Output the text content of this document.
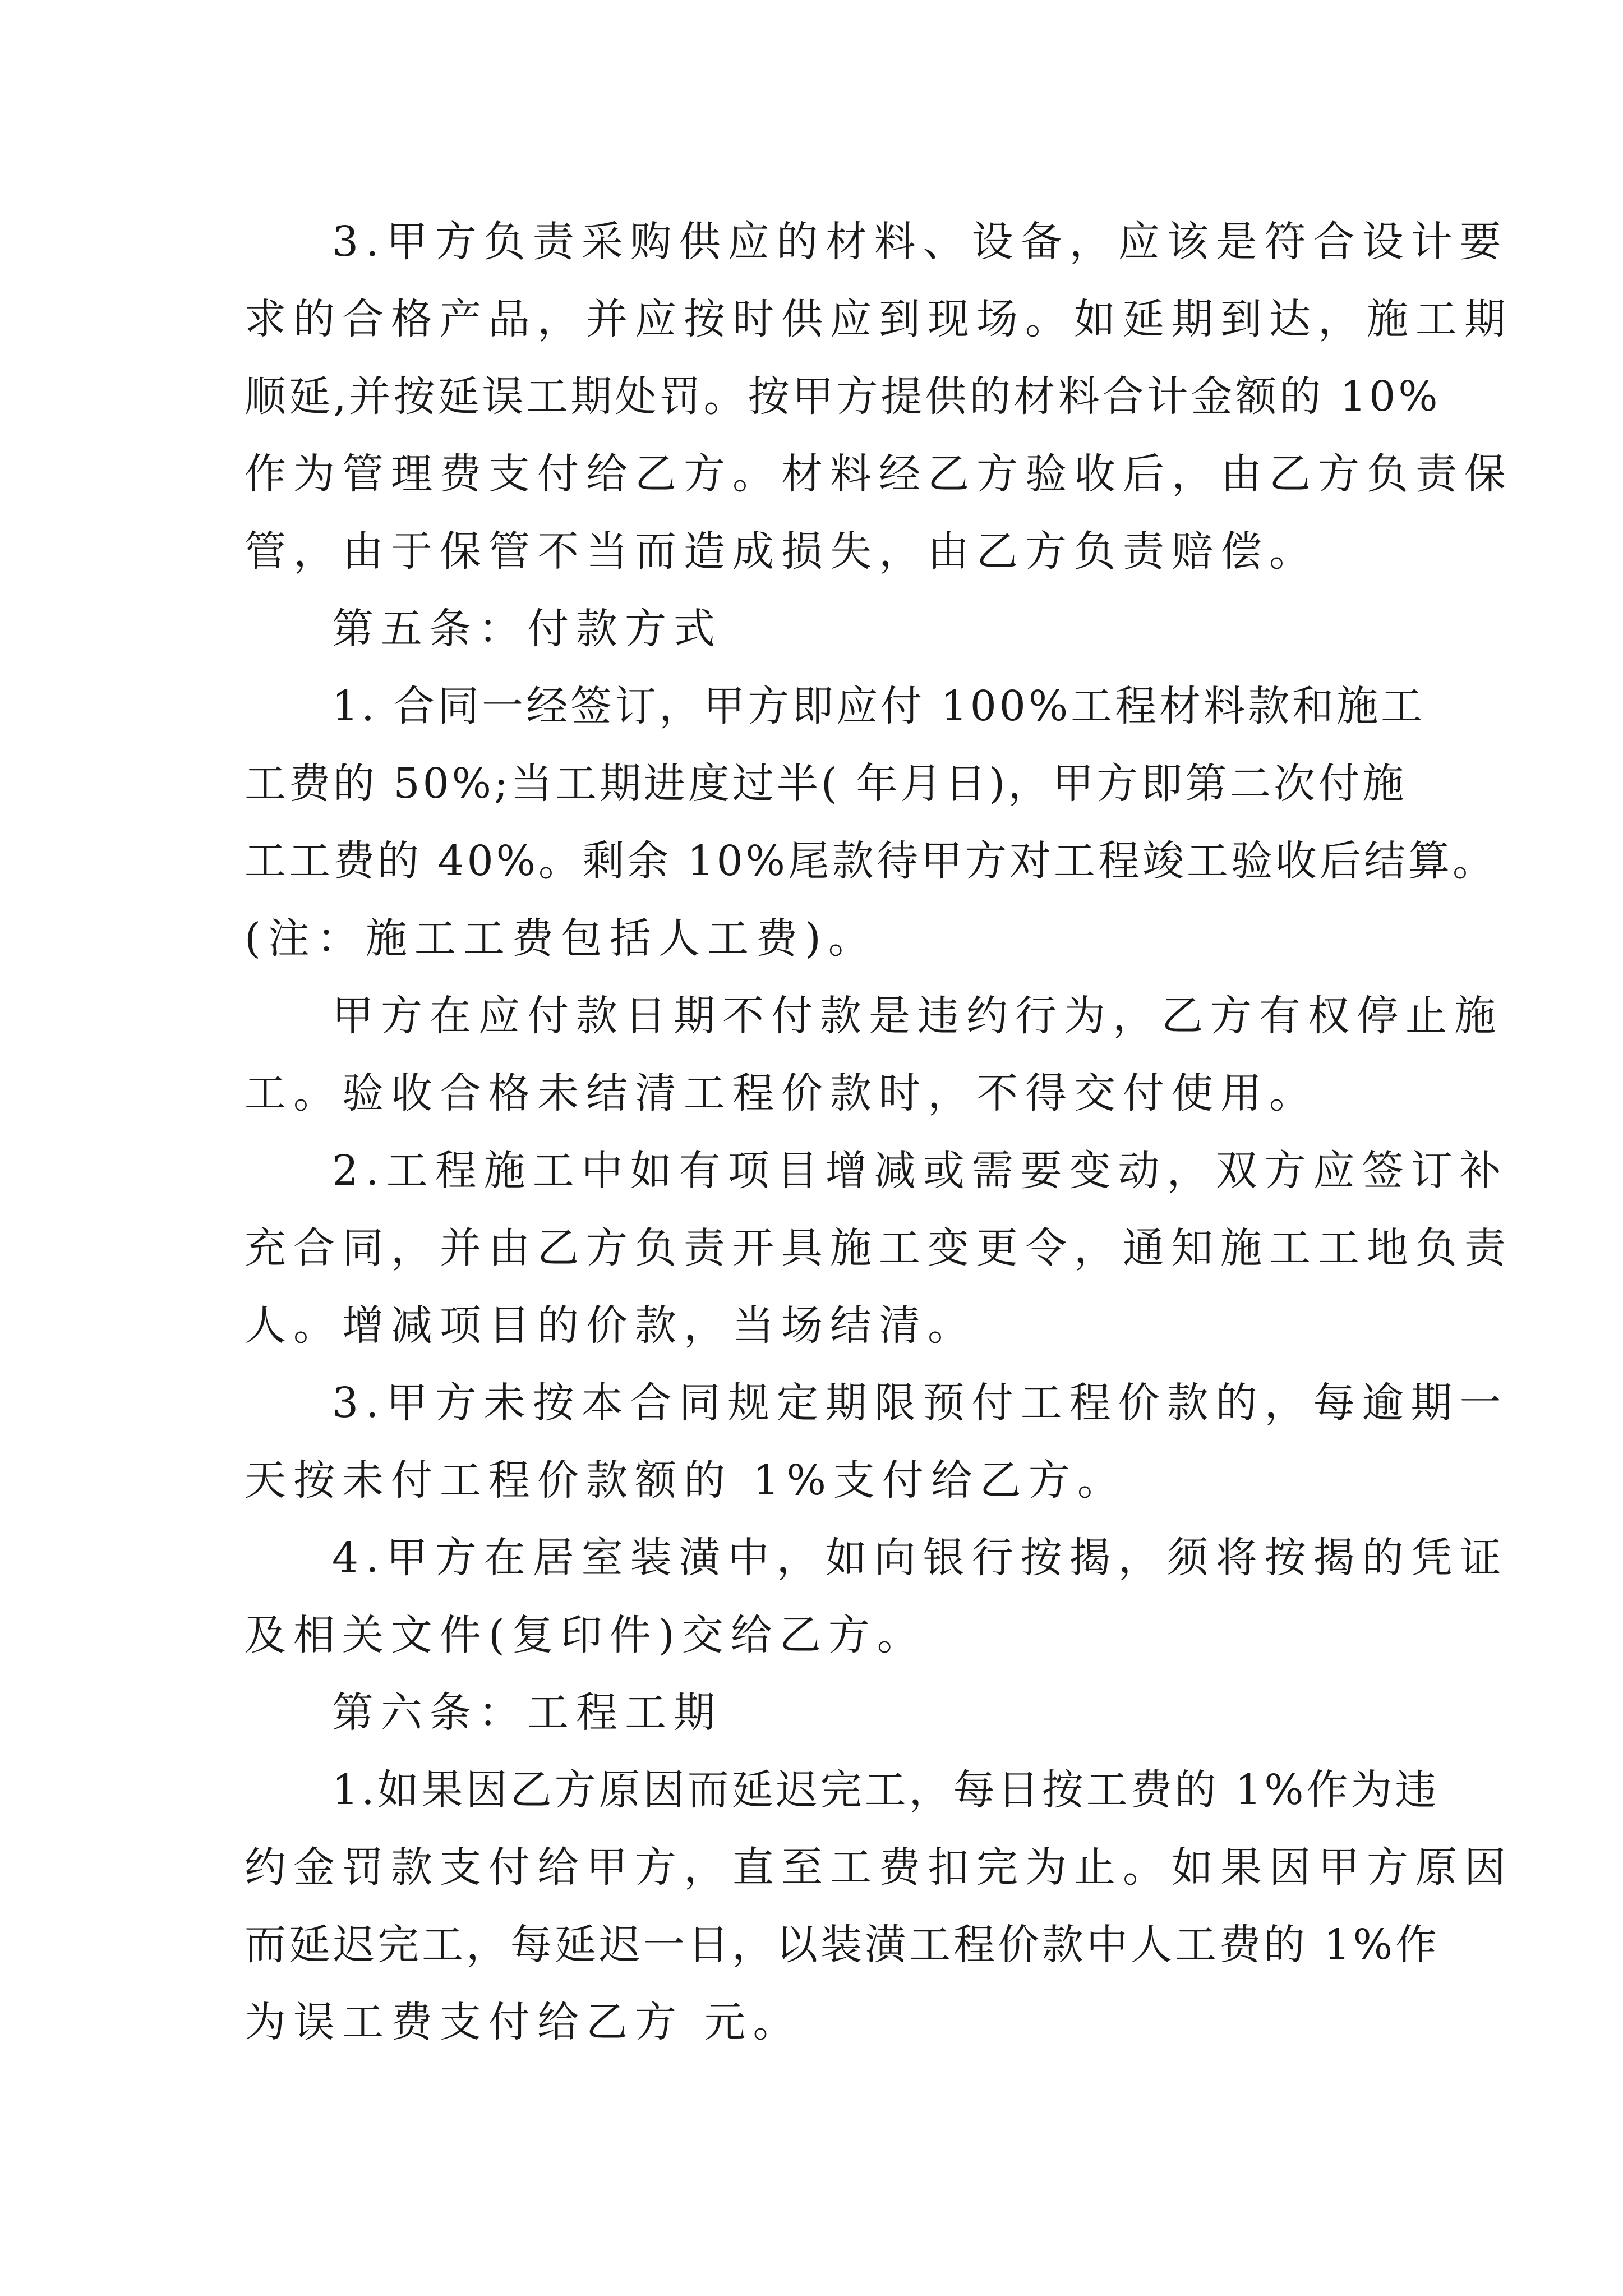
3.甲方负责采购供应的材料、设备，应该是符合设计要
求的合格产品，并应按时供应到现场。如延期到达，施工期
顺延,并按延误工期处罚。按甲方提供的材料合计金额的 10%
作为管理费支付给乙方。材料经乙方验收后，由乙方负责保
管，由于保管不当而造成损失，由乙方负责赔偿。
第五条：付款方式
1. 合同一经签订，甲方即应付 100%工程材料款和施工
工费的 50%;当工期进度过半( 年月日)，甲方即第二次付施
工工费的 40%。剩余 10%尾款待甲方对工程竣工验收后结算。
(注：施工工费包括人工费)。
甲方在应付款日期不付款是违约行为，乙方有权停止施
工。验收合格未结清工程价款时，不得交付使用。
2.工程施工中如有项目增减或需要变动，双方应签订补
充合同，并由乙方负责开具施工变更令，通知施工工地负责
人。增减项目的价款，当场结清。
3.甲方未按本合同规定期限预付工程价款的，每逾期一
天按未付工程价款额的 1%支付给乙方。
4.甲方在居室装潢中，如向银行按揭，须将按揭的凭证
及相关文件(复印件)交给乙方。
第六条：工程工期
1.如果因乙方原因而延迟完工，每日按工费的 1%作为违
约金罚款支付给甲方，直至工费扣完为止。如果因甲方原因
而延迟完工，每延迟一日，以装潢工程价款中人工费的 1%作
为误工费支付给乙方 元。
